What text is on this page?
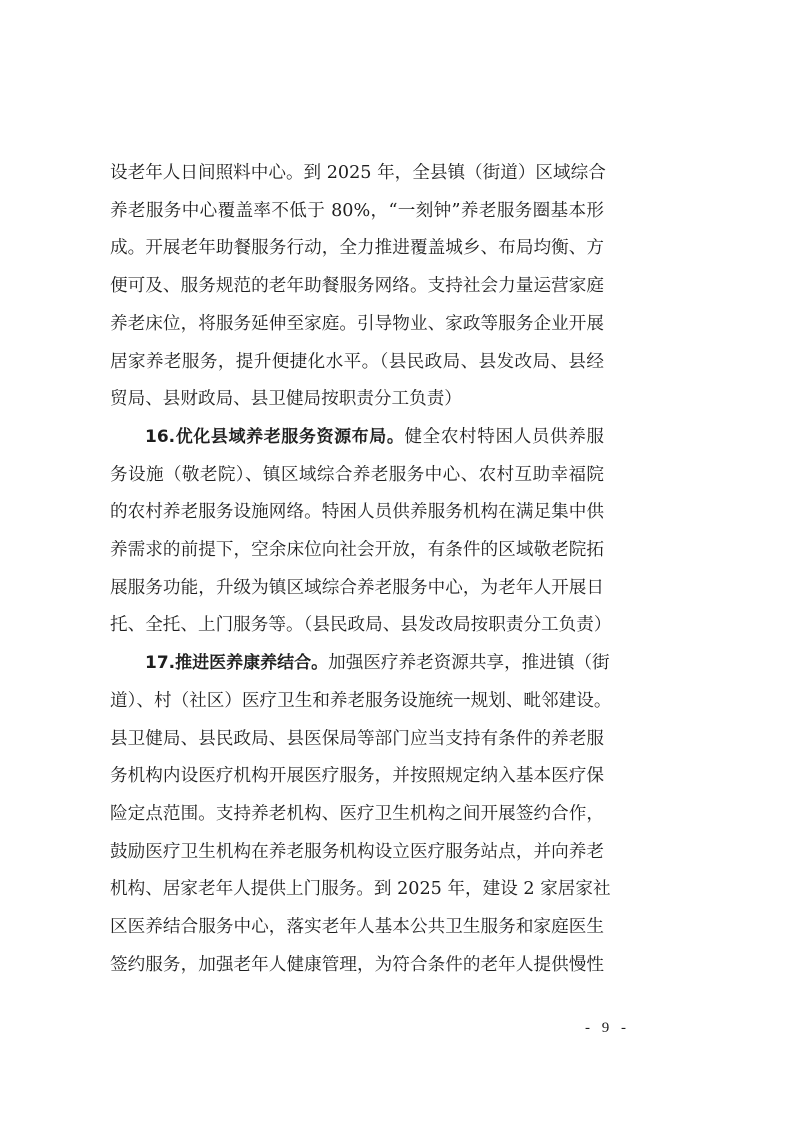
- 9 -
设老年人日间照料中心。到 2025 年，全县镇（街道）区域综合
养老服务中心覆盖率不低于 80%，“一刻钟”养老服务圈基本形
成。开展老年助餐服务行动，全力推进覆盖城乡、布局均衡、方
便可及、服务规范的老年助餐服务网络。支持社会力量运营家庭
养老床位，将服务延伸至家庭。引导物业、家政等服务企业开展
居家养老服务，提升便捷化水平。（县民政局、县发改局、县经
贸局、县财政局、县卫健局按职责分工负责）
16.优化县域养老服务资源布局。健全农村特困人员供养服
务设施（敬老院）、镇区域综合养老服务中心、农村互助幸福院
的农村养老服务设施网络。特困人员供养服务机构在满足集中供
养需求的前提下，空余床位向社会开放，有条件的区域敬老院拓
展服务功能，升级为镇区域综合养老服务中心，为老年人开展日
托、全托、上门服务等。（县民政局、县发改局按职责分工负责）
17.推进医养康养结合。加强医疗养老资源共享，推进镇（街
道）、村（社区）医疗卫生和养老服务设施统一规划、毗邻建设。
县卫健局、县民政局、县医保局等部门应当支持有条件的养老服
务机构内设医疗机构开展医疗服务，并按照规定纳入基本医疗保
险定点范围。支持养老机构、医疗卫生机构之间开展签约合作，
鼓励医疗卫生机构在养老服务机构设立医疗服务站点，并向养老
机构、居家老年人提供上门服务。到 2025 年，建设 2 家居家社
区医养结合服务中心，落实老年人基本公共卫生服务和家庭医生
签约服务，加强老年人健康管理，为符合条件的老年人提供慢性
